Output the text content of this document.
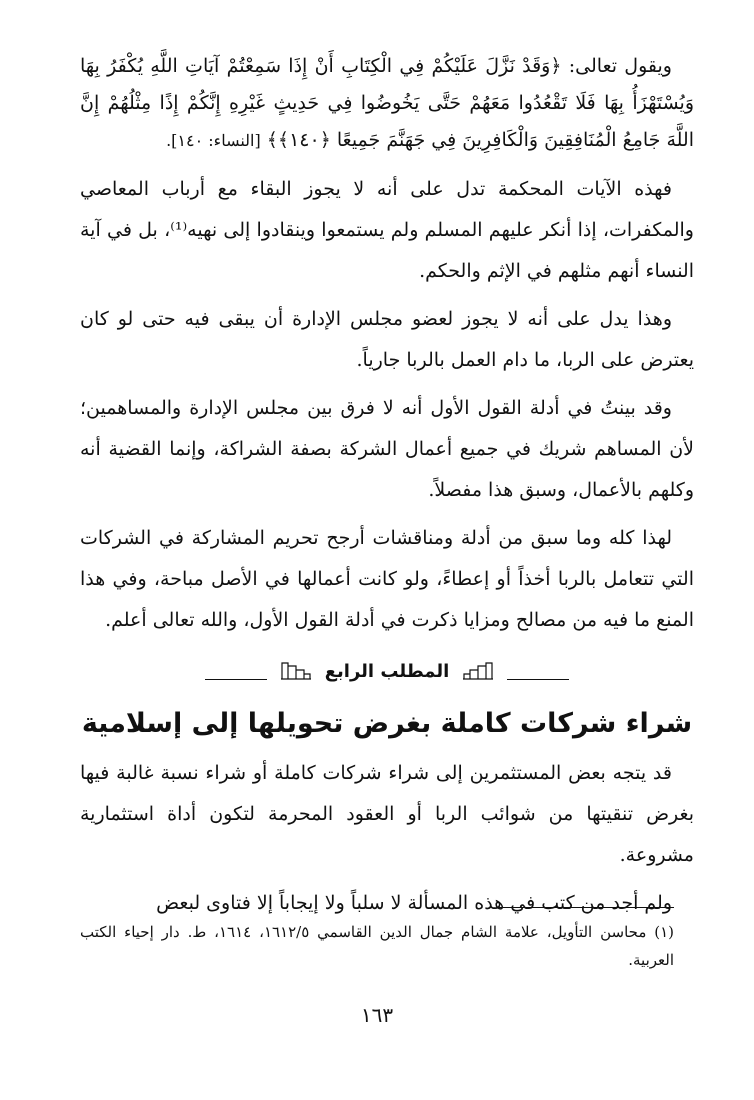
ويقول تعالى: ﴿وَقَدْ نَزَّلَ عَلَيْكُمْ فِي الْكِتَابِ أَنْ إِذَا سَمِعْتُمْ آيَاتِ اللَّهِ يُكْفَرُ بِهَا وَيُسْتَهْزَأُ بِهَا فَلَا تَقْعُدُوا مَعَهُمْ حَتَّى يَخُوضُوا فِي حَدِيثٍ غَيْرِهِ إِنَّكُمْ إِذًا مِثْلُهُمْ إِنَّ اللَّهَ جَامِعُ الْمُنَافِقِينَ وَالْكَافِرِينَ فِي جَهَنَّمَ جَمِيعًا ﴿١٤٠﴾﴾ [النساء: ١٤٠].

فهذه الآيات المحكمة تدل على أنه لا يجوز البقاء مع أرباب المعاصي والمكفرات، إذا أنكر عليهم المسلم ولم يستمعوا وينقادوا إلى نهيه⁽¹⁾، بل في آية النساء أنهم مثلهم في الإثم والحكم.

وهذا يدل على أنه لا يجوز لعضو مجلس الإدارة أن يبقى فيه حتى لو كان يعترض على الربا، ما دام العمل بالربا جارياً.

وقد بينتُ في أدلة القول الأول أنه لا فرق بين مجلس الإدارة والمساهمين؛ لأن المساهم شريك في جميع أعمال الشركة بصفة الشراكة، وإنما القضية أنه وكلهم بالأعمال، وسبق هذا مفصلاً.

لهذا كله وما سبق من أدلة ومناقشات أرجح تحريم المشاركة في الشركات التي تتعامل بالربا أخذاً أو إعطاءً، ولو كانت أعمالها في الأصل مباحة، وفي هذا المنع ما فيه من مصالح ومزايا ذكرت في أدلة القول الأول، والله تعالى أعلم.

المطلب الرابع
شراء شركات كاملة بغرض تحويلها إلى إسلامية

قد يتجه بعض المستثمرين إلى شراء شركات كاملة أو شراء نسبة غالبة فيها بغرض تنقيتها من شوائب الربا أو العقود المحرمة لتكون أداة استثمارية مشروعة.

ولم أجد من كتب في هذه المسألة لا سلباً ولا إيجاباً إلا فتاوى لبعض

(١) محاسن التأويل، علامة الشام جمال الدين القاسمي ١٦١٢/٥، ١٦١٤، ط. دار إحياء الكتب العربية.

١٦٣
